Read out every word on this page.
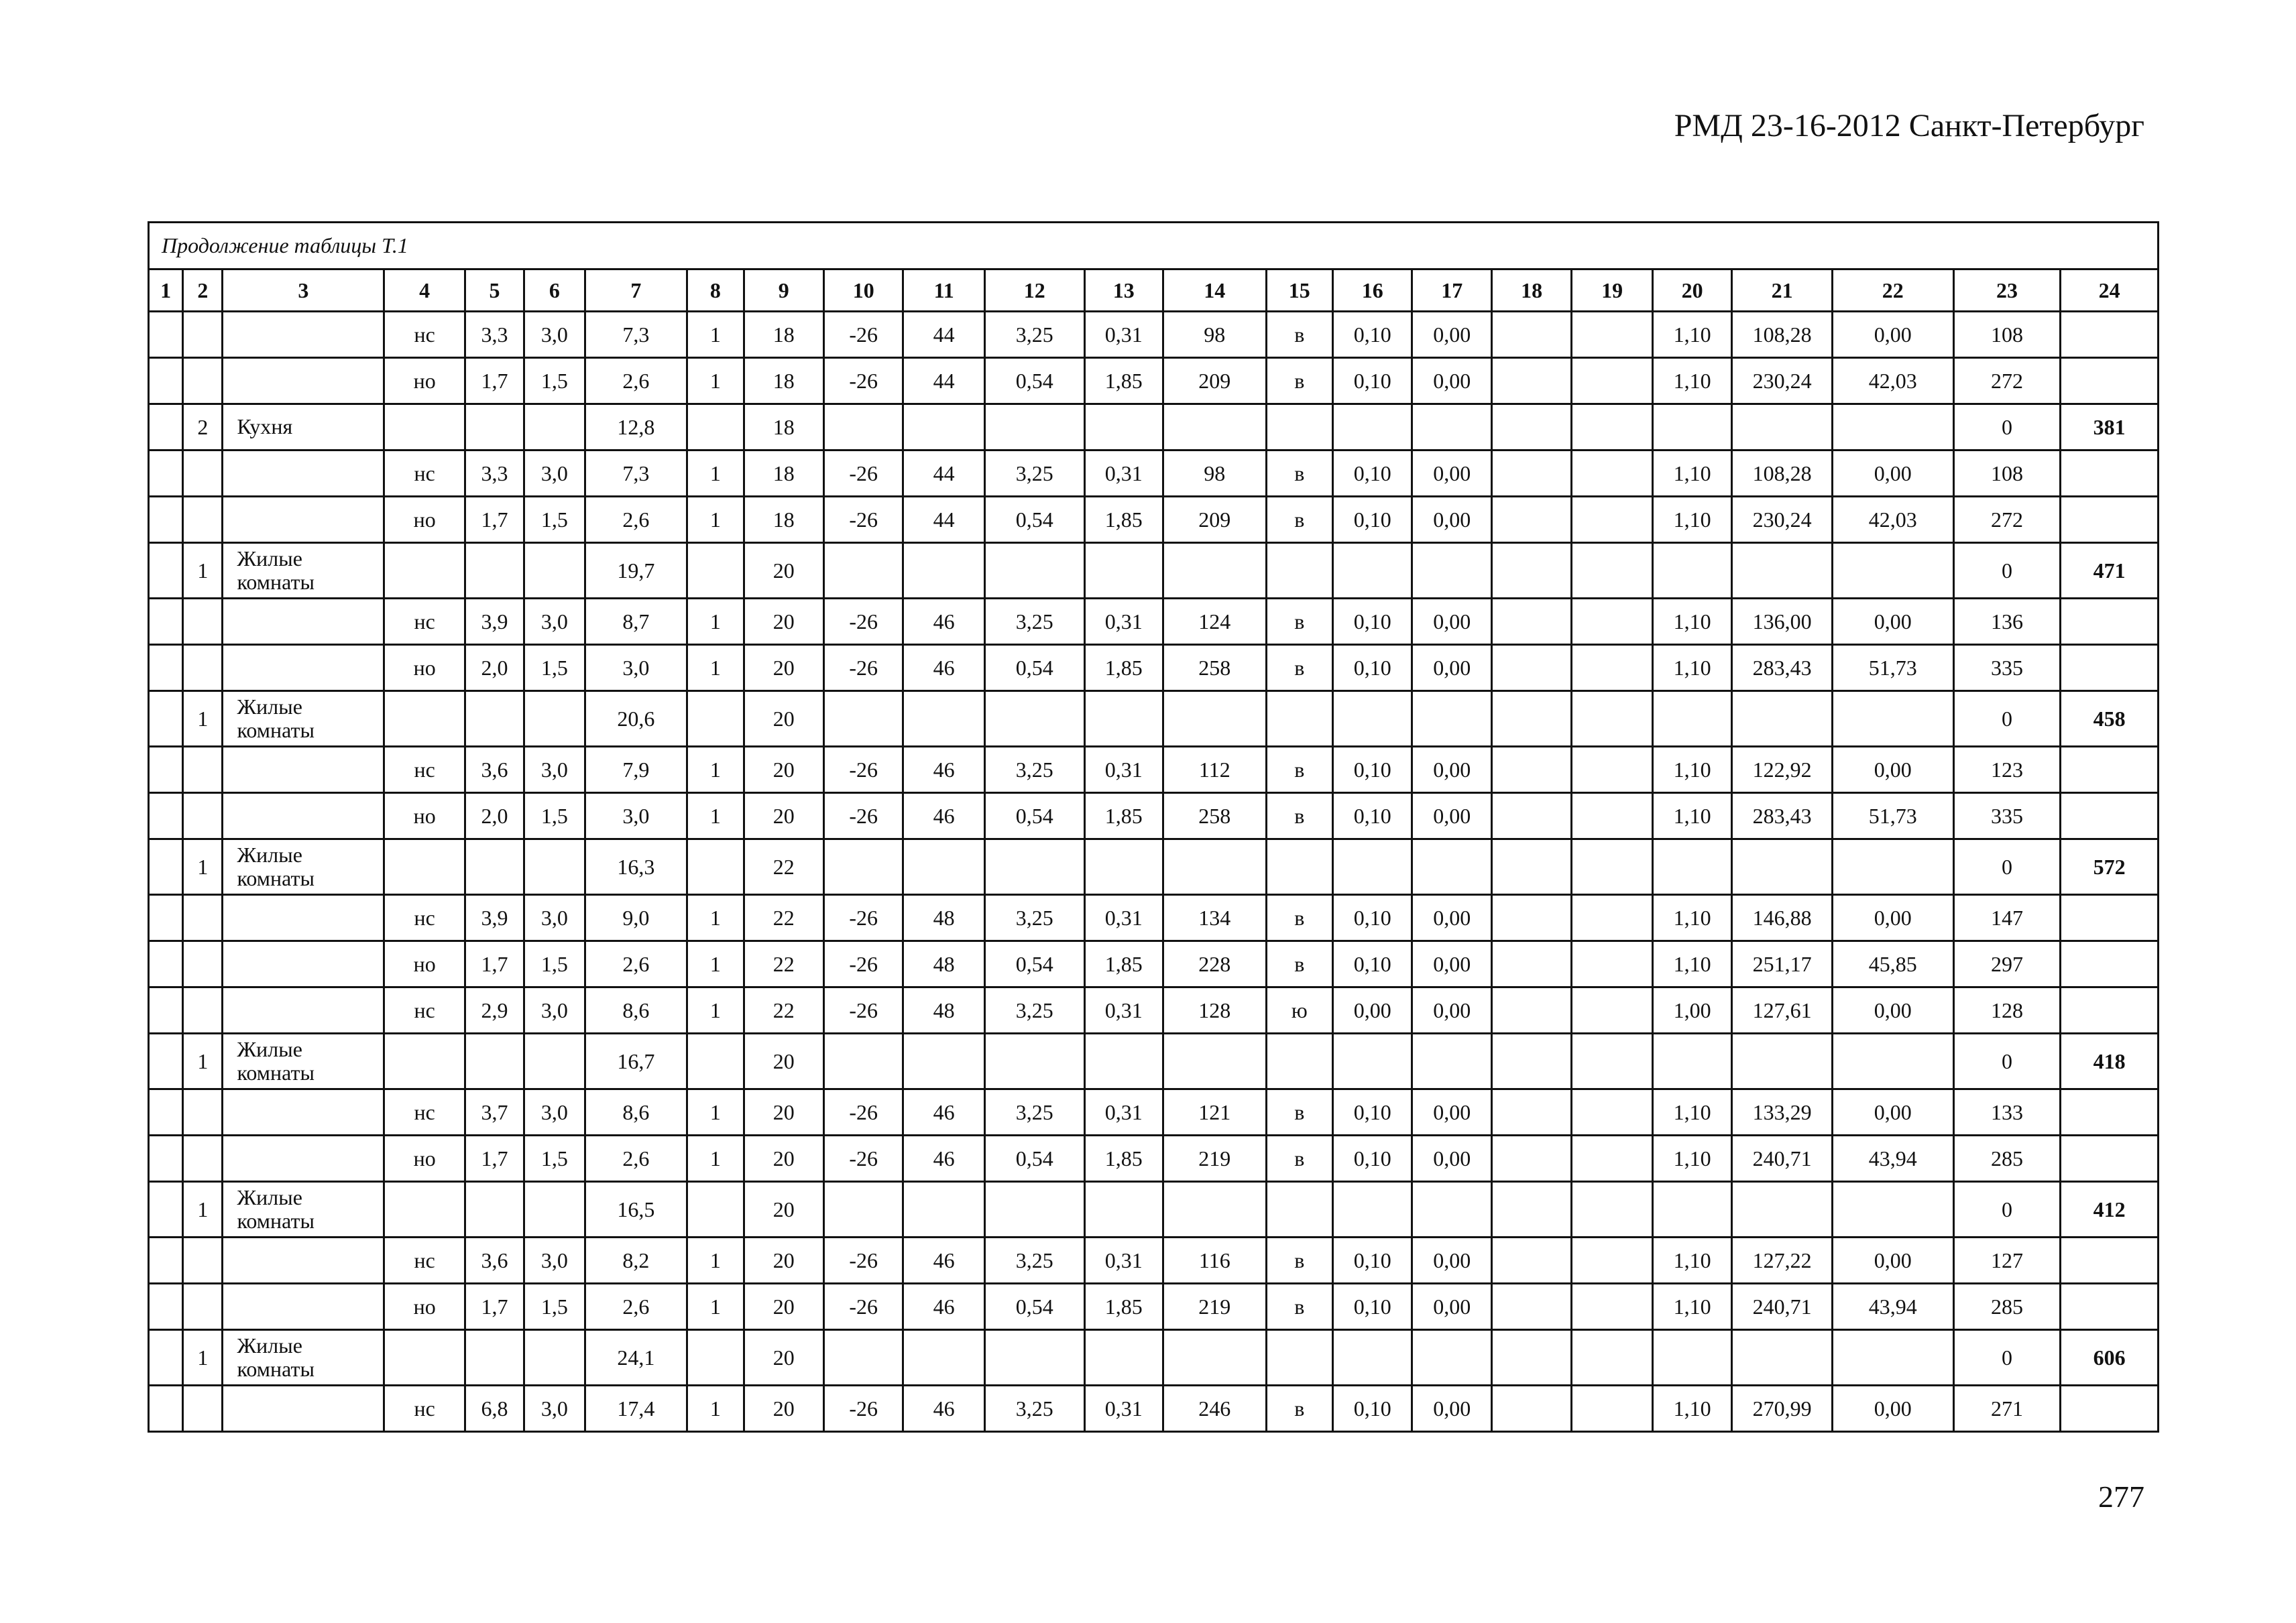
РМД 23-16-2012 Санкт-Петербург
Продолжение таблицы Т.1
1	2	3	4	5	6	7	8	9	10	11	12	13	14	15	16	17	18	19	20	21	22	23	24
			нс	3,3	3,0	7,3	1	18	-26	44	3,25	0,31	98	в	0,10	0,00			1,10	108,28	0,00	108	
			но	1,7	1,5	2,6	1	18	-26	44	0,54	1,85	209	в	0,10	0,00			1,10	230,24	42,03	272	
	2	Кухня				12,8		18														0	381
			нс	3,3	3,0	7,3	1	18	-26	44	3,25	0,31	98	в	0,10	0,00			1,10	108,28	0,00	108	
			но	1,7	1,5	2,6	1	18	-26	44	0,54	1,85	209	в	0,10	0,00			1,10	230,24	42,03	272	
	1	Жилые комнаты				19,7		20														0	471
			нс	3,9	3,0	8,7	1	20	-26	46	3,25	0,31	124	в	0,10	0,00			1,10	136,00	0,00	136	
			но	2,0	1,5	3,0	1	20	-26	46	0,54	1,85	258	в	0,10	0,00			1,10	283,43	51,73	335	
	1	Жилые комнаты				20,6		20														0	458
			нс	3,6	3,0	7,9	1	20	-26	46	3,25	0,31	112	в	0,10	0,00			1,10	122,92	0,00	123	
			но	2,0	1,5	3,0	1	20	-26	46	0,54	1,85	258	в	0,10	0,00			1,10	283,43	51,73	335	
	1	Жилые комнаты				16,3		22														0	572
			нс	3,9	3,0	9,0	1	22	-26	48	3,25	0,31	134	в	0,10	0,00			1,10	146,88	0,00	147	
			но	1,7	1,5	2,6	1	22	-26	48	0,54	1,85	228	в	0,10	0,00			1,10	251,17	45,85	297	
			нс	2,9	3,0	8,6	1	22	-26	48	3,25	0,31	128	ю	0,00	0,00			1,00	127,61	0,00	128	
	1	Жилые комнаты				16,7		20														0	418
			нс	3,7	3,0	8,6	1	20	-26	46	3,25	0,31	121	в	0,10	0,00			1,10	133,29	0,00	133	
			но	1,7	1,5	2,6	1	20	-26	46	0,54	1,85	219	в	0,10	0,00			1,10	240,71	43,94	285	
	1	Жилые комнаты				16,5		20														0	412
			нс	3,6	3,0	8,2	1	20	-26	46	3,25	0,31	116	в	0,10	0,00			1,10	127,22	0,00	127	
			но	1,7	1,5	2,6	1	20	-26	46	0,54	1,85	219	в	0,10	0,00			1,10	240,71	43,94	285	
	1	Жилые комнаты				24,1		20														0	606
			нс	6,8	3,0	17,4	1	20	-26	46	3,25	0,31	246	в	0,10	0,00			1,10	270,99	0,00	271	
277
